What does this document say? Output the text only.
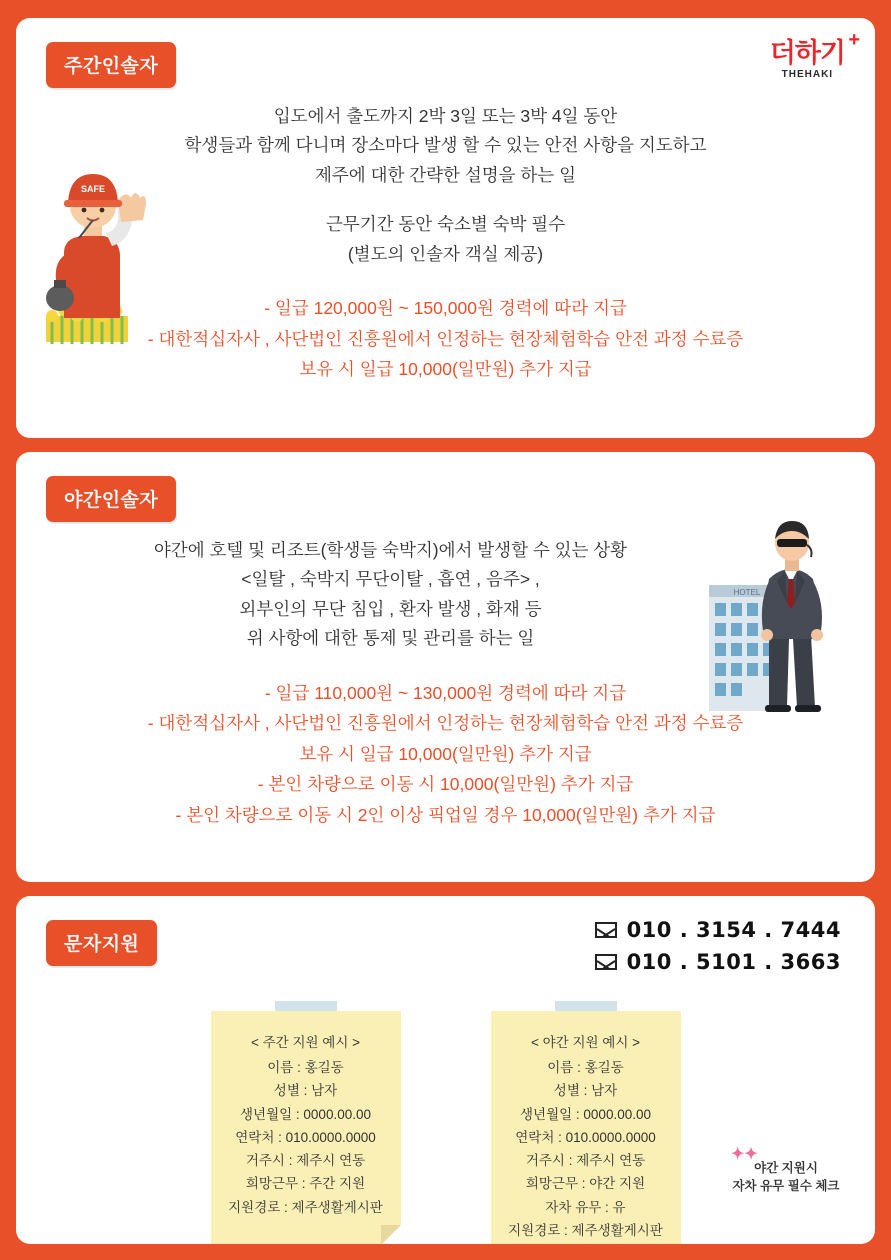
주간인솔자	더하기 +
THEHAKI
SAFE
입도에서 출도까지 2박 3일 또는 3박 4일 동안
학생들과 함께 다니며 장소마다 발생 할 수 있는 안전 사항을 지도하고
제주에 대한 간략한 설명을 하는 일
근무기간 동안 숙소별 숙박 필수
(별도의 인솔자 객실 제공)
- 일급 120,000원 ~ 150,000원 경력에 따라 지급
- 대한적십자사 , 사단법인 진흥원에서 인정하는 현장체험학습 안전 과정 수료증
보유 시 일급 10,000(일만원) 추가 지급
야간인솔자
HOTEL
야간에 호텔 및 리조트(학생들 숙박지)에서 발생할 수 있는 상황
<일탈 , 숙박지 무단이탈 , 흡연 , 음주> ,
외부인의 무단 침입 , 환자 발생 , 화재 등
위 사항에 대한 통제 및 관리를 하는 일
- 일급 110,000원 ~ 130,000원 경력에 따라 지급
- 대한적십자사 , 사단법인 진흥원에서 인정하는 현장체험학습 안전 과정 수료증
보유 시 일급 10,000(일만원) 추가 지급
- 본인 차량으로 이동 시 10,000(일만원) 추가 지급
- 본인 차량으로 이동 시 2인 이상 픽업일 경우 10,000(일만원) 추가 지급
문자지원
010 . 3154 . 7444
010 . 5101 . 3663
< 주간 지원 예시 >
이름 : 홍길동
성별 : 남자
생년월일 : 0000.00.00
연락처 : 010.0000.0000
거주시 : 제주시 연동
희망근무 : 주간 지원
지원경로 : 제주생활게시판
< 야간 지원 예시 >
이름 : 홍길동
성별 : 남자
생년월일 : 0000.00.00
연락처 : 010.0000.0000
거주시 : 제주시 연동
희망근무 : 야간 지원
자차 유무 : 유
지원경로 : 제주생활게시판
✦✦
야간 지원시
자차 유무 필수 체크
